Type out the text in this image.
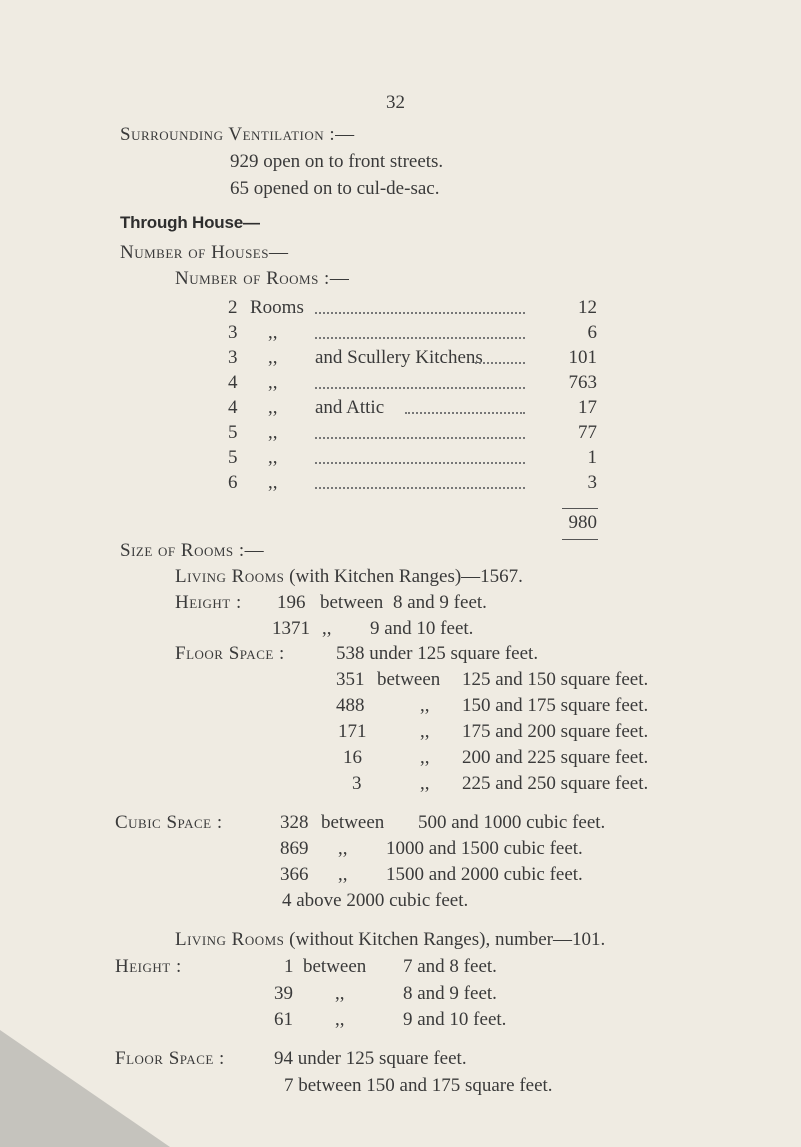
32
Surrounding Ventilation :—
929 open on to front streets.
65 opened on to cul-de-sac.
Through House—
Number of Houses—
Number of Rooms :—
2 Rooms	12
3 ,,	6
3 ,, and Scullery Kitchens	101
4 ,,	763
4 ,, and Attic	17
5 ,,	77
5 ,,	1
6 ,,	3
980
Size of Rooms :—
Living Rooms (with Kitchen Ranges)—1567.
Height : 196 between 8 and 9 feet.
1371 ,, 9 and 10 feet.
Floor Space :	538 under 125 square feet.
351 between 125 and 150 square feet.
488	,, 150 and 175 square feet.
171	,, 175 and 200 square feet.
16	,, 200 and 225 square feet.
3	,, 225 and 250 square feet.
Cubic Space :	328 between 500 and 1000 cubic feet.
869 ,, 1000 and 1500 cubic feet.
366 ,, 1500 and 2000 cubic feet.
4 above 2000 cubic feet.
Living Rooms (without Kitchen Ranges), number—101.
Height :	1 between 7 and 8 feet.
39 ,,	8 and 9 feet.
61 ,,	9 and 10 feet.
Floor Space :	94 under 125 square feet.
7 between 150 and 175 square feet.
